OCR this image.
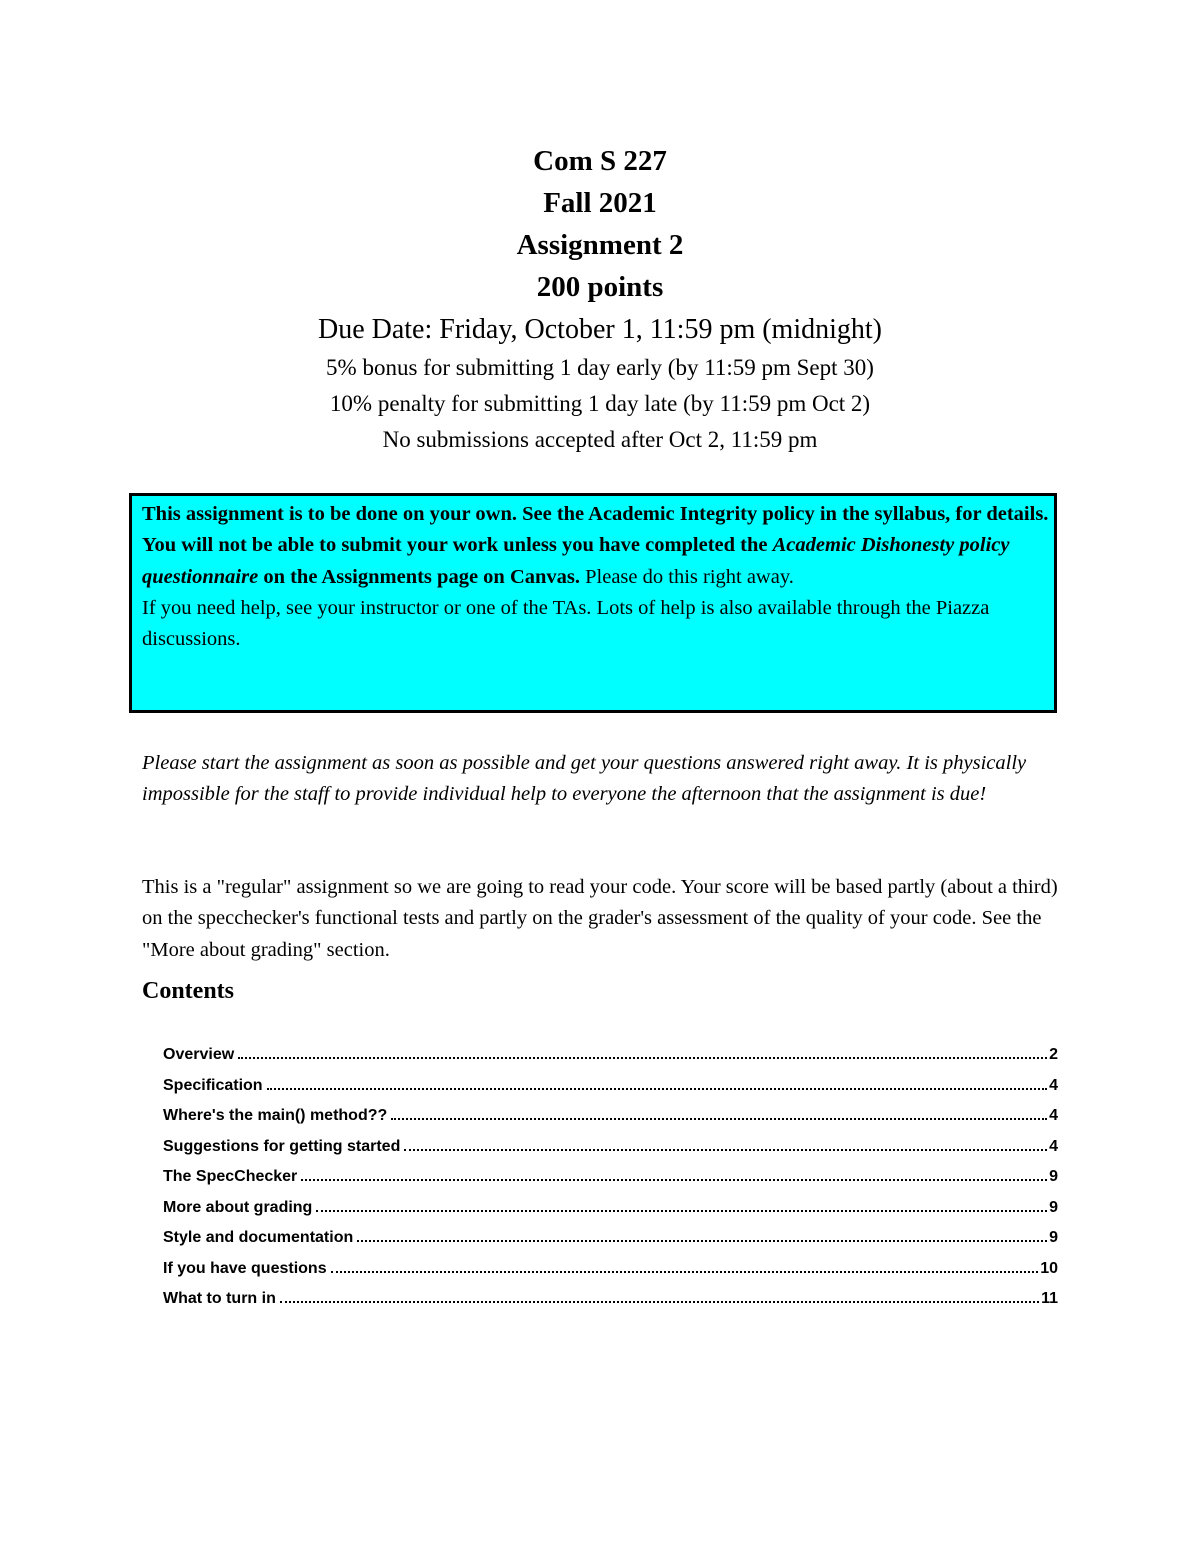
Com S 227
Fall 2021
Assignment 2
200 points
Due Date: Friday, October 1, 11:59 pm (midnight)
5% bonus for submitting 1 day early (by 11:59 pm Sept 30)
10% penalty for submitting 1 day late (by 11:59 pm Oct 2)
No submissions accepted after Oct 2, 11:59 pm

This assignment is to be done on your own. See the Academic Integrity policy in the syllabus, for details.

You will not be able to submit your work unless you have completed the Academic Dishonesty policy questionnaire on the Assignments page on Canvas. Please do this right away.

If you need help, see your instructor or one of the TAs. Lots of help is also available through the Piazza discussions.

Please start the assignment as soon as possible and get your questions answered right away. It is physically impossible for the staff to provide individual help to everyone the afternoon that the assignment is due!

This is a "regular" assignment so we are going to read your code. Your score will be based partly (about a third) on the specchecker's functional tests and partly on the grader's assessment of the quality of your code. See the "More about grading" section.

Contents
Overview	2
Specification	4
Where's the main() method??	4
Suggestions for getting started	4
The SpecChecker	9
More about grading	9
Style and documentation	9
If you have questions	10
What to turn in	11
